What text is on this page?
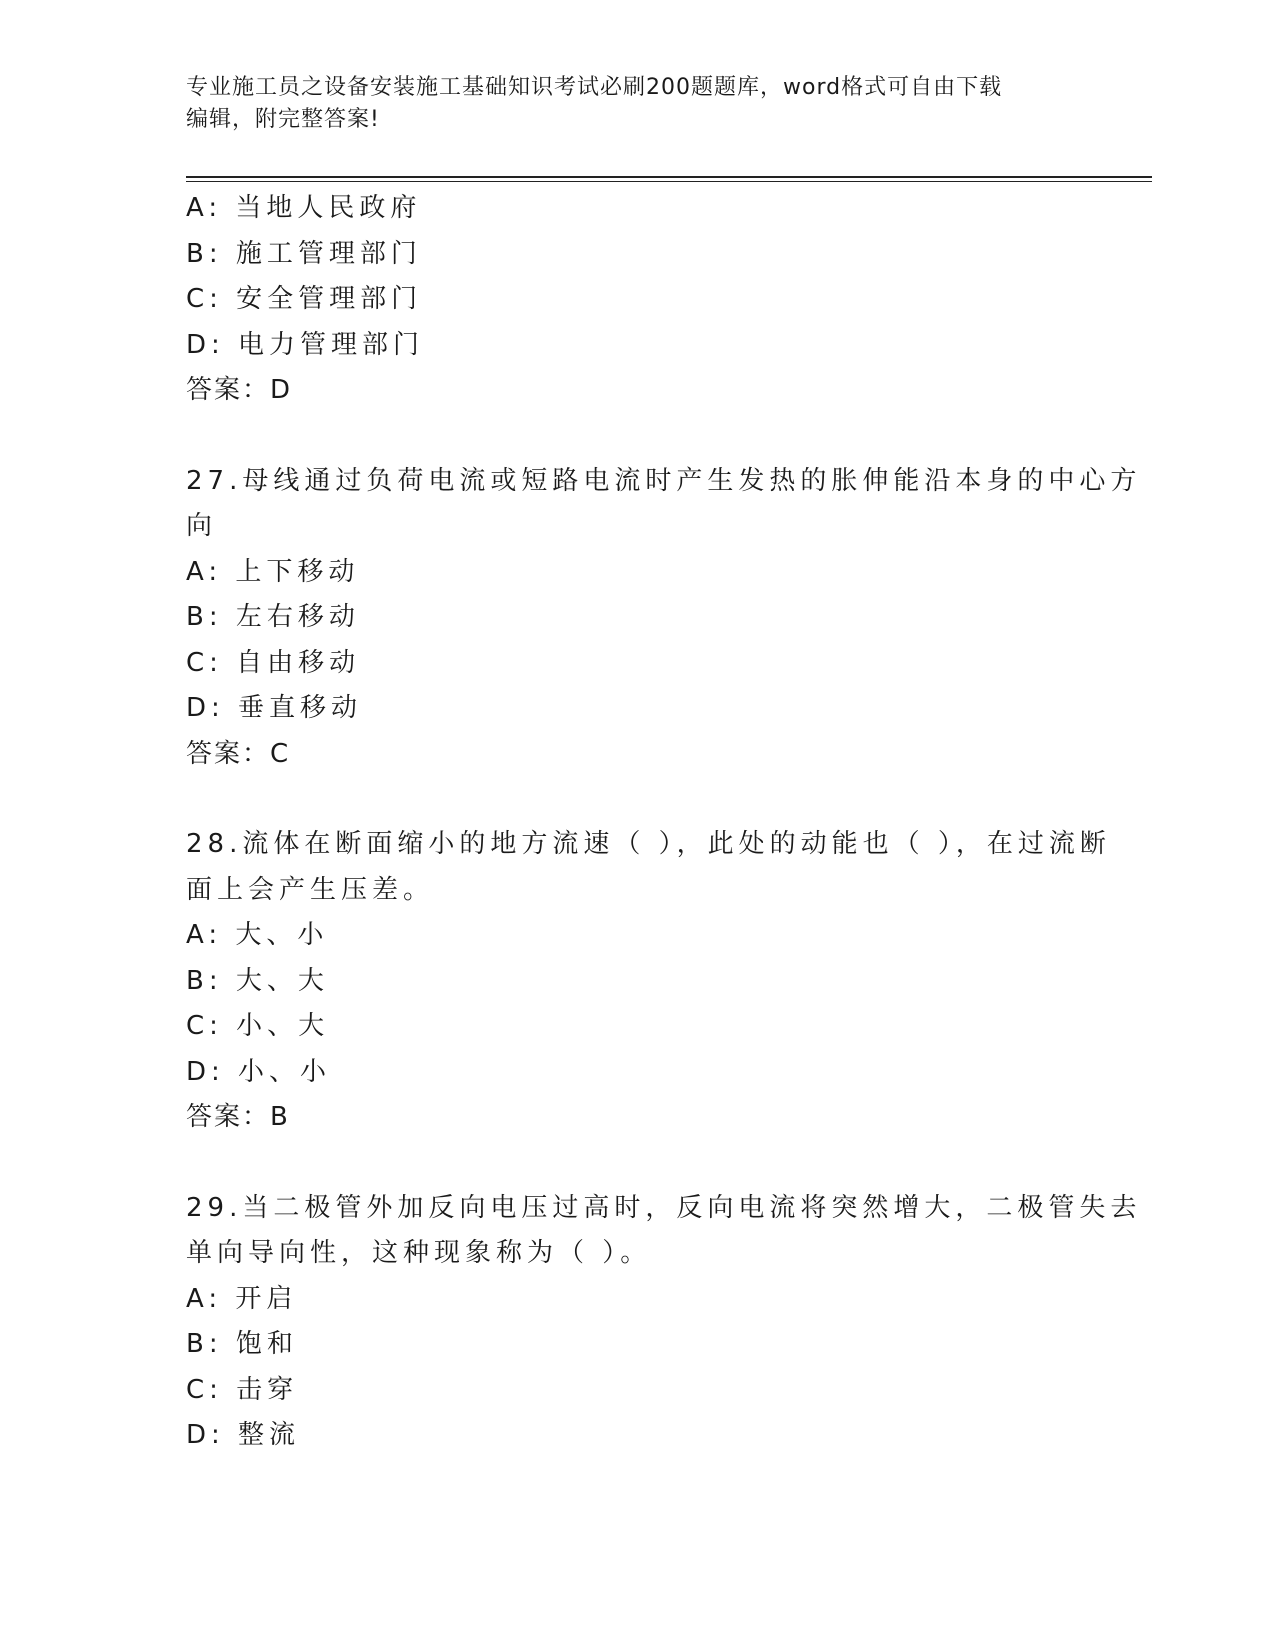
专业施工员之设备安装施工基础知识考试必刷200题题库，word格式可自由下载
编辑，附完整答案!
A: 当地人民政府
B: 施工管理部门
C: 安全管理部门
D: 电力管理部门
答案：D
27.母线通过负荷电流或短路电流时产生发热的胀伸能沿本身的中心方
向
A: 上下移动
B: 左右移动
C: 自由移动
D: 垂直移动
答案：C
28.流体在断面缩小的地方流速（ ），此处的动能也（ ），在过流断
面上会产生压差。
A: 大、小
B: 大、大
C: 小、大
D: 小、小
答案：B
29.当二极管外加反向电压过高时，反向电流将突然增大，二极管失去
单向导向性，这种现象称为（ ）。
A: 开启
B: 饱和
C: 击穿
D: 整流
